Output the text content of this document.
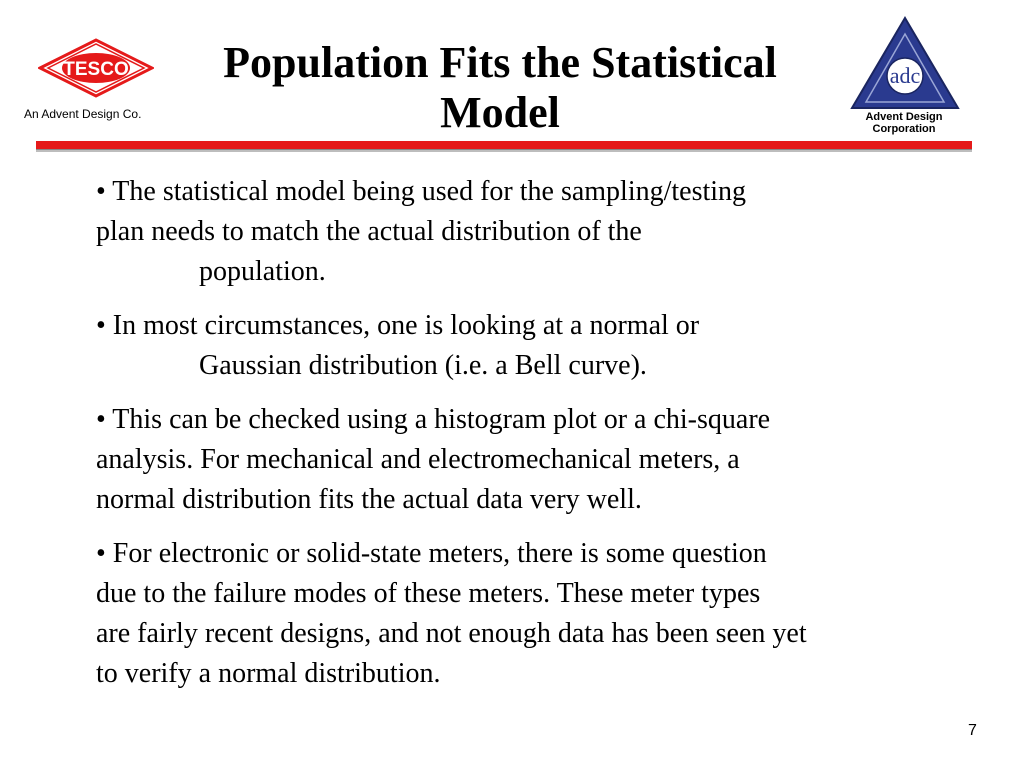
TESCO
An Advent Design Co.
Population Fits the Statistical
Model
adc
Advent Design
Corporation
• The statistical model being used for the sampling/testing
plan needs to match the actual distribution of the
population.
• In most circumstances, one is looking at a normal or
Gaussian distribution (i.e. a Bell curve).
• This can be checked using a histogram plot or a chi-square
analysis. For mechanical and electromechanical meters, a
normal distribution fits the actual data very well.
• For electronic or solid-state meters, there is some question
due to the failure modes of these meters. These meter types
are fairly recent designs, and not enough data has been seen yet
to verify a normal distribution.
7
